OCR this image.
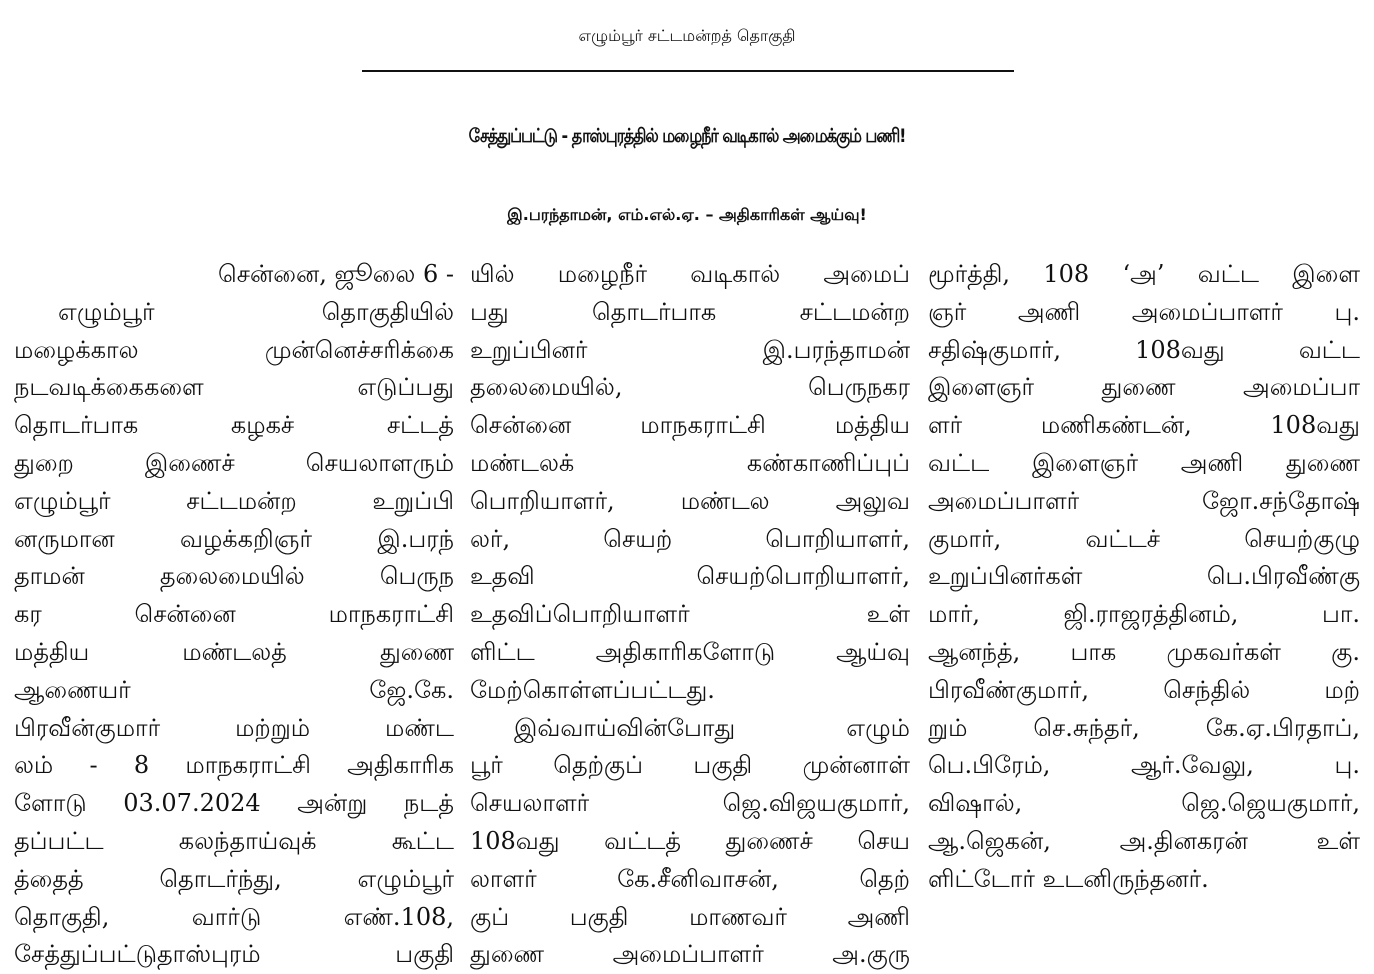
எழும்பூர் சட்டமன்றத் தொகுதி
சேத்துப்பட்டு - தாஸ்புரத்தில் மழைநீர் வடிகால் அமைக்கும் பணி!
இ.பரந்தாமன், எம்.எல்.ஏ. – அதிகாரிகள் ஆய்வு!
சென்னை, ஜூலை 6 -
எழும்பூர் தொகுதியில்
மழைக்கால முன்னெச்சரிக்கை
நடவடிக்கைகளை எடுப்பது
தொடர்பாக கழகச் சட்டத்
துறை இணைச் செயலாளரும்
எழும்பூர் சட்டமன்ற உறுப்பி
னருமான வழக்கறிஞர் இ.பரந்
தாமன் தலைமையில் பெருந
கர சென்னை மாநகராட்சி
மத்திய மண்டலத் துணை
ஆணையர் ஜே.கே.
பிரவீன்குமார் மற்றும் மண்ட
லம் - 8 மாநகராட்சி அதிகாரிக
ளோடு 03.07.2024 அன்று நடத்
தப்பட்ட கலந்தாய்வுக் கூட்ட
த்தைத் தொடர்ந்து, எழும்பூர்
தொகுதி, வார்டு எண்.108,
சேத்துப்பட்டுதாஸ்புரம் பகுதி
யில் மழைநீர் வடிகால் அமைப்
பது தொடர்பாக சட்டமன்ற
உறுப்பினர் இ.பரந்தாமன்
தலைமையில், பெருநகர
சென்னை மாநகராட்சி மத்திய
மண்டலக் கண்காணிப்புப்
பொறியாளர், மண்டல அலுவ
லர், செயற் பொறியாளர்,
உதவி செயற்பொறியாளர்,
உதவிப்பொறியாளர் உள்
ளிட்ட அதிகாரிகளோடு ஆய்வு
மேற்கொள்ளப்பட்டது.
இவ்வாய்வின்போது எழும்
பூர் தெற்குப் பகுதி முன்னாள்
செயலாளர் ஜெ.விஜயகுமார்,
108வது வட்டத் துணைச் செய
லாளர் கே.சீனிவாசன், தெற்
குப் பகுதி மாணவர் அணி
துணை அமைப்பாளர் அ.குரு
மூர்த்தி, 108 ‘அ’ வட்ட இளை
ஞர் அணி அமைப்பாளர் பு.
சதிஷ்குமார், 108வது வட்ட
இளைஞர் துணை அமைப்பா
ளர் மணிகண்டன், 108வது
வட்ட இளைஞர் அணி துணை
அமைப்பாளர் ஜோ.சந்தோஷ்
குமார், வட்டச் செயற்குழு
உறுப்பினர்கள் பெ.பிரவீண்கு
மார், ஜி.ராஜரத்தினம், பா.
ஆனந்த், பாக முகவர்கள் கு.
பிரவீண்குமார், செந்தில் மற்
றும் செ.சுந்தர், கே.ஏ.பிரதாப்,
பெ.பிரேம், ஆர்.வேலு, பு.
விஷால், ஜெ.ஜெயகுமார்,
ஆ.ஜெகன், அ.தினகரன் உள்
ளிட்டோர் உடனிருந்தனர்.
